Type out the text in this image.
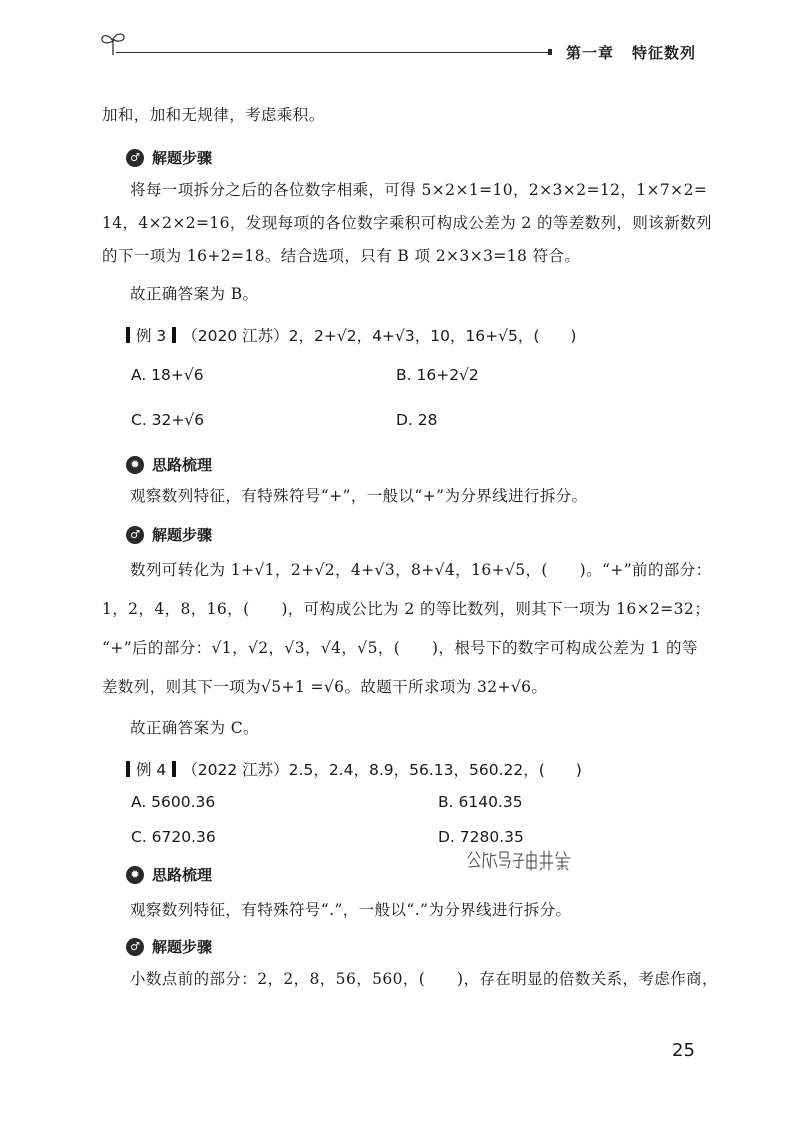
第一章 特征数列
加和，加和无规律，考虑乘积。
♂ 解题步骤
将每一项拆分之后的各位数字相乘，可得 5×2×1=10，2×3×2=12，1×7×2=
14，4×2×2=16，发现每项的各位数字乘积可构成公差为 2 的等差数列，则该新数列
的下一项为 16+2=18。结合选项，只有 B 项 2×3×3=18 符合。
故正确答案为 B。
例 3 （2020 江苏）2，2+√2，4+√3，10，16+√5，(　　)
A. 18+√6	B. 16+2√2
C. 32+√6	D. 28
✹ 思路梳理
观察数列特征，有特殊符号“+”，一般以“+”为分界线进行拆分。
♂ 解题步骤
数列可转化为 1+√1，2+√2，4+√3，8+√4，16+√5，(　　)。“+”前的部分：
1，2，4，8，16，(　　)，可构成公比为 2 的等比数列，则其下一项为 16×2=32；
“+”后的部分：√1，√2，√3，√4，√5，(　　)，根号下的数字可构成公差为 1 的等
差数列，则其下一项为√5+1 =√6。故题干所求项为 32+√6。
故正确答案为 C。
例 4 （2022 江苏）2.5，2.4，8.9，56.13，560.22，(　　)
A. 5600.36	B. 6140.35
C. 6720.36	D. 7280.35
观察数列特征，有特殊符号“.”，一般以“.”为分界线进行拆分。
♂ 解题步骤
小数点前的部分：2，2，8，56，560，(　　)，存在明显的倍数关系，考虑作商，
✹ 思路梳理
25
